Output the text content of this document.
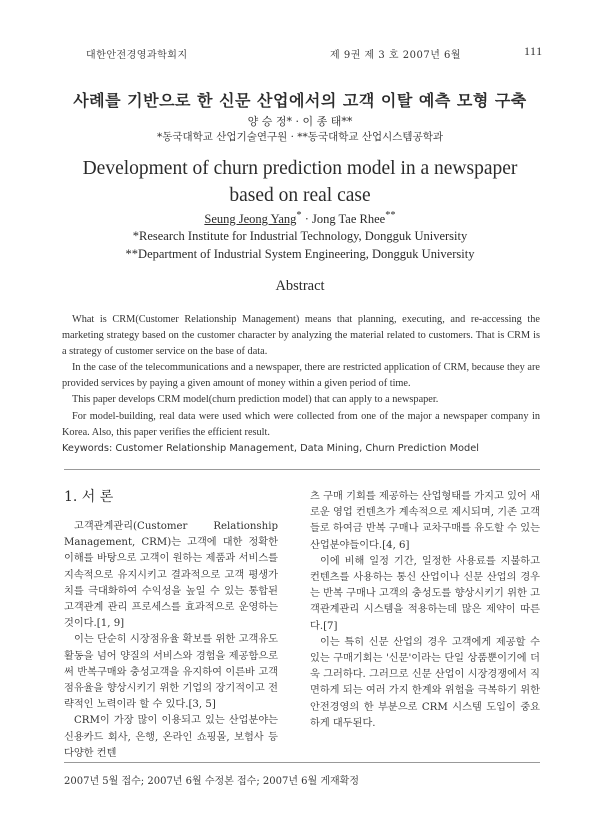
대한안전경영과학회지	제 9권 제 3 호 2007년 6월	111
사례를 기반으로 한 신문 산업에서의 고객 이탈 예측 모형 구축
양 승 정* · 이 종 태**
*동국대학교 산업기술연구원 · **동국대학교 산업시스템공학과
Development of churn prediction model in a newspaper
based on real case
Seung Jeong Yang* · Jong Tae Rhee**
*Research Institute for Industrial Technology, Dongguk University
**Department of Industrial System Engineering, Dongguk University
Abstract

What is CRM(Customer Relationship Management) means that planning, executing, and re-accessing the marketing strategy based on the customer character by analyzing the material related to customers. That is CRM is a strategy of customer service on the base of data.

In the case of the telecommunications and a newspaper, there are restricted application of CRM, because they are provided services by paying a given amount of money within a given period of time.

This paper develops CRM model(churn prediction model) that can apply to a newspaper.

For model-building, real data were used which were collected from one of the major a newspaper company in Korea. Also, this paper verifies the efficient result.

Keywords: Customer Relationship Management, Data Mining, Churn Prediction Model

1. 서 론

고객관계관리(Customer Relationship Management, CRM)는 고객에 대한 정확한 이해를 바탕으로 고객이 원하는 제품과 서비스를 지속적으로 유지시키고 결과적으로 고객 평생가치를 극대화하여 수익성을 높일 수 있는 통합된 고객관계 관리 프로세스를 효과적으로 운영하는 것이다.[1, 9]

이는 단순히 시장점유율 확보를 위한 고객유도 활동을 넘어 양질의 서비스와 경험을 제공함으로써 반복구매와 충성고객을 유지하여 이른바 고객점유율을 향상시키기 위한 기업의 장기적이고 전략적인 노력이라 할 수 있다.[3, 5]

CRM이 가장 많이 이용되고 있는 산업분야는 신용카드 회사, 은행, 온라인 쇼핑몰, 보험사 등 다양한 컨텐

츠 구매 기회를 제공하는 산업형태를 가지고 있어 새로운 영업 컨텐츠가 계속적으로 제시되며, 기존 고객들로 하여금 반복 구매나 교차구매를 유도할 수 있는 산업분야들이다.[4, 6]

이에 비해 일정 기간, 일정한 사용료를 지불하고 컨텐츠를 사용하는 통신 산업이나 신문 산업의 경우는 반복 구매나 고객의 충성도를 향상시키기 위한 고객관계관리 시스템을 적용하는데 많은 제약이 따른다.[7]

이는 특히 신문 산업의 경우 고객에게 제공할 수 있는 구매기회는 '신문'이라는 단일 상품뿐이기에 더욱 그러하다. 그러므로 신문 산업이 시장경쟁에서 직면하게 되는 여러 가지 한계와 위험을 극복하기 위한 안전경영의 한 부분으로 CRM 시스템 도입이 중요하게 대두된다.

2007년 5월 접수; 2007년 6월 수정본 접수; 2007년 6월 게재확정
